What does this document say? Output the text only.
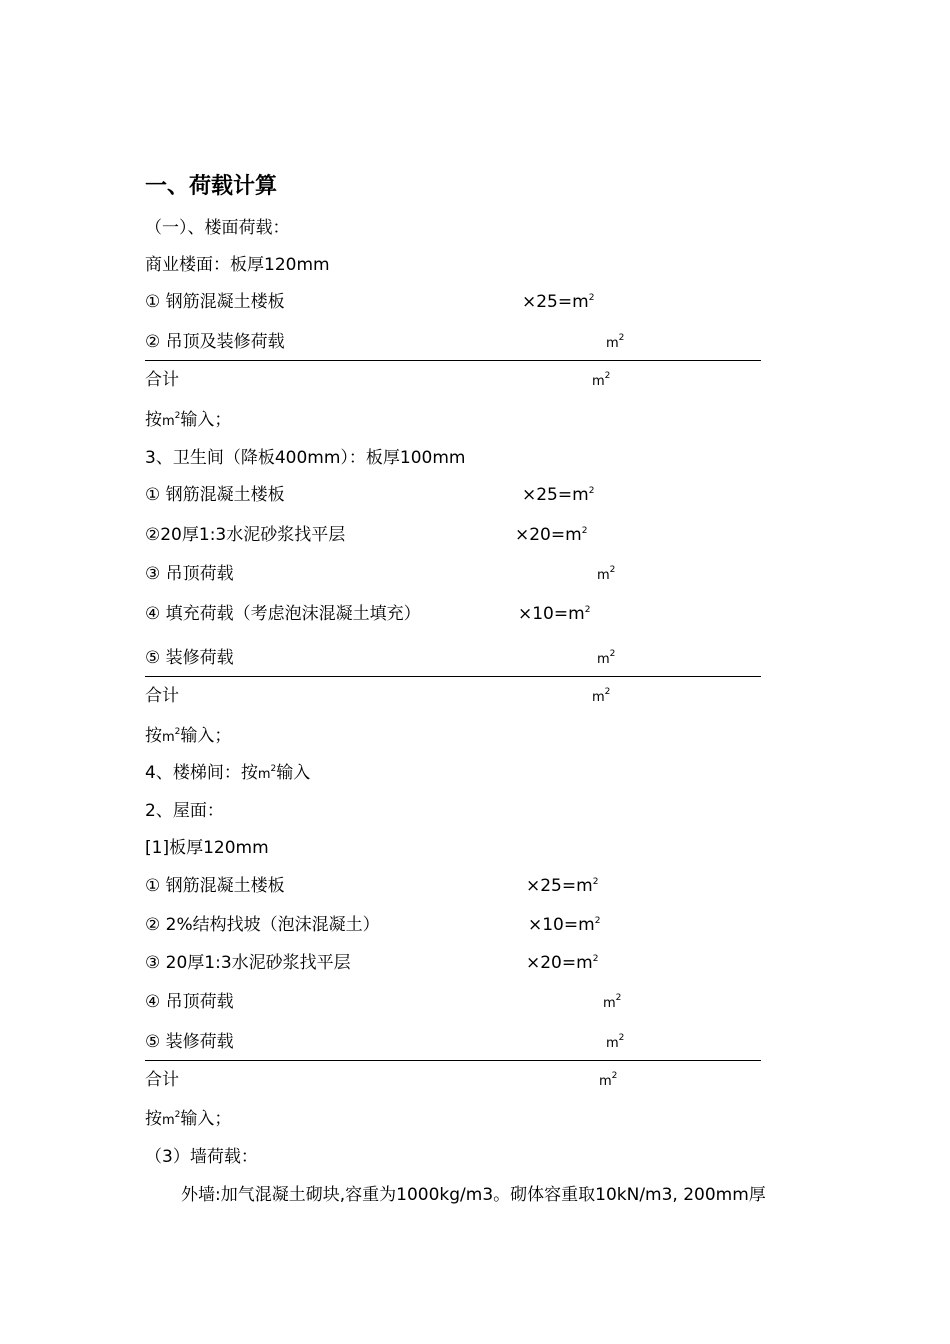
一、荷载计算
（一）、楼面荷载：
商业楼面：板厚120mm
① 钢筋混凝土楼板	$\times 25=m^2$
② 吊顶及装修荷载	$m^2$
合计	$m^2$
按$m^2$输入；
3、卫生间（降板400mm）：板厚100mm
① 钢筋混凝土楼板	$\times 25=m^2$
②20厚1:3水泥砂浆找平层	$\times 20=m^2$
③ 吊顶荷载	$m^2$
④ 填充荷载（考虑泡沫混凝土填充）	$\times 10=m^2$
⑤ 装修荷载	$m^2$
合计	$m^2$
按$m^2$输入；
4、楼梯间：按$m^2$输入
2、屋面：
[1]板厚120mm
① 钢筋混凝土楼板	$\times 25=m^2$
② 2%结构找坡（泡沫混凝土）	$\times 10=m^2$
③ 20厚1:3水泥砂浆找平层	$\times 20=m^2$
④ 吊顶荷载	$m^2$
⑤ 装修荷载	$m^2$
合计	$m^2$
按$m^2$输入；
（3）墙荷载：
外墙:加气混凝土砌块,容重为1000kg/m3。砌体容重取10kN/m3, 200mm厚
